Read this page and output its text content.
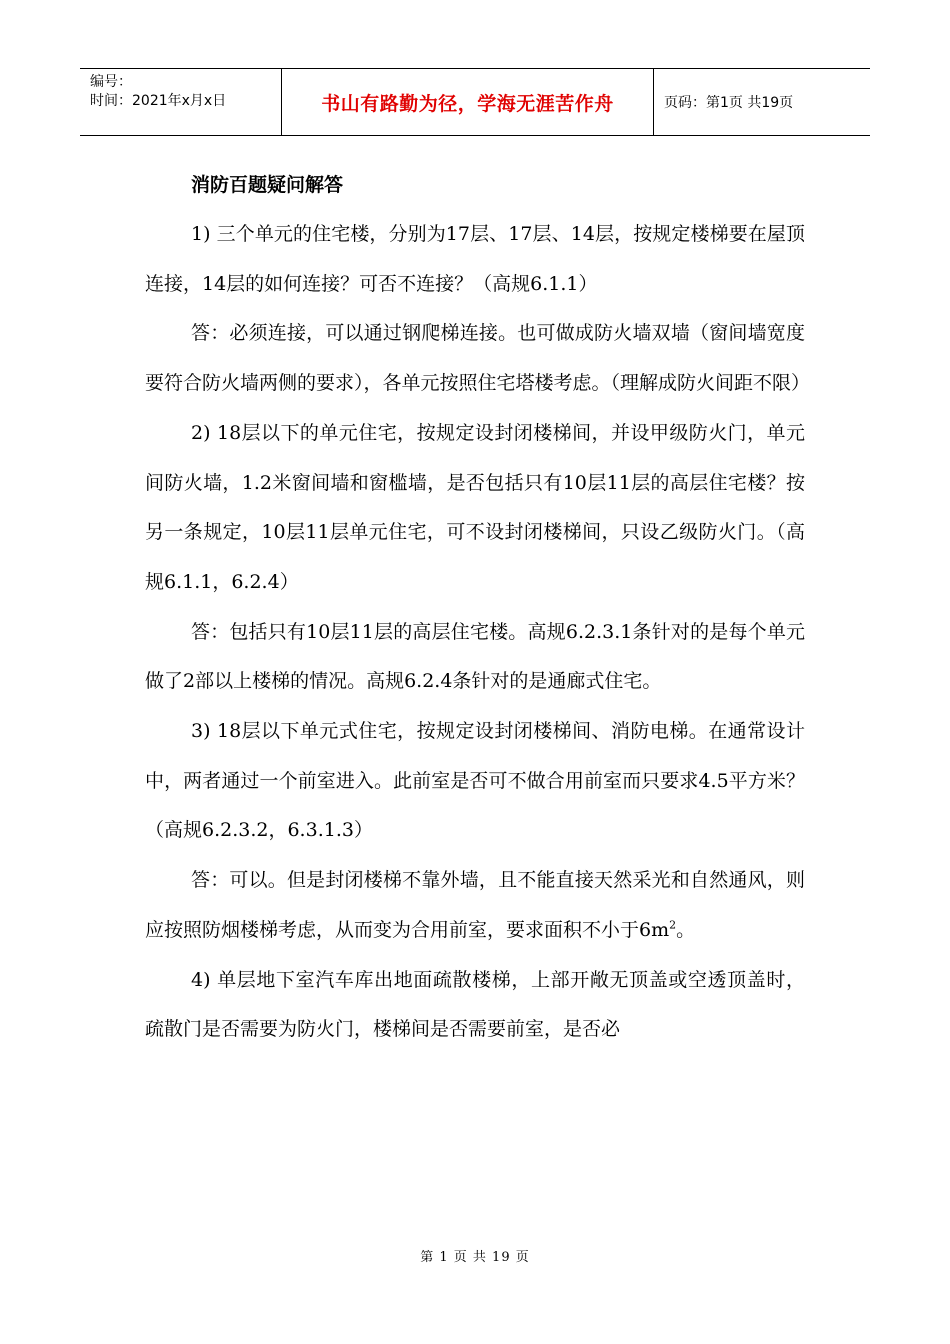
编号：
时间：2021年x月x日	书山有路勤为径，学海无涯苦作舟	页码：第1页 共19页

消防百题疑问解答

1) 三个单元的住宅楼，分别为17层、17层、14层，按规定楼梯要在屋顶连接，14层的如何连接？可否不连接？（高规6.1.1）

答：必须连接，可以通过钢爬梯连接。也可做成防火墙双墙（窗间墙宽度要符合防火墙两侧的要求），各单元按照住宅塔楼考虑。（理解成防火间距不限）

2) 18层以下的单元住宅，按规定设封闭楼梯间，并设甲级防火门，单元间防火墙，1.2米窗间墙和窗槛墙，是否包括只有10层11层的高层住宅楼？按另一条规定，10层11层单元住宅，可不设封闭楼梯间，只设乙级防火门。（高规6.1.1，6.2.4）

答：包括只有10层11层的高层住宅楼。高规6.2.3.1条针对的是每个单元做了2部以上楼梯的情况。高规6.2.4条针对的是通廊式住宅。

3) 18层以下单元式住宅，按规定设封闭楼梯间、消防电梯。在通常设计中，两者通过一个前室进入。此前室是否可不做合用前室而只要求4.5平方米？（高规6.2.3.2，6.3.1.3）

答：可以。但是封闭楼梯不靠外墙，且不能直接天然采光和自然通风，则应按照防烟楼梯考虑，从而变为合用前室，要求面积不小于$6m^2$。

4) 单层地下室汽车库出地面疏散楼梯，上部开敞无顶盖或空透顶盖时，疏散门是否需要为防火门，楼梯间是否需要前室，是否必

第 1 页 共 19 页
